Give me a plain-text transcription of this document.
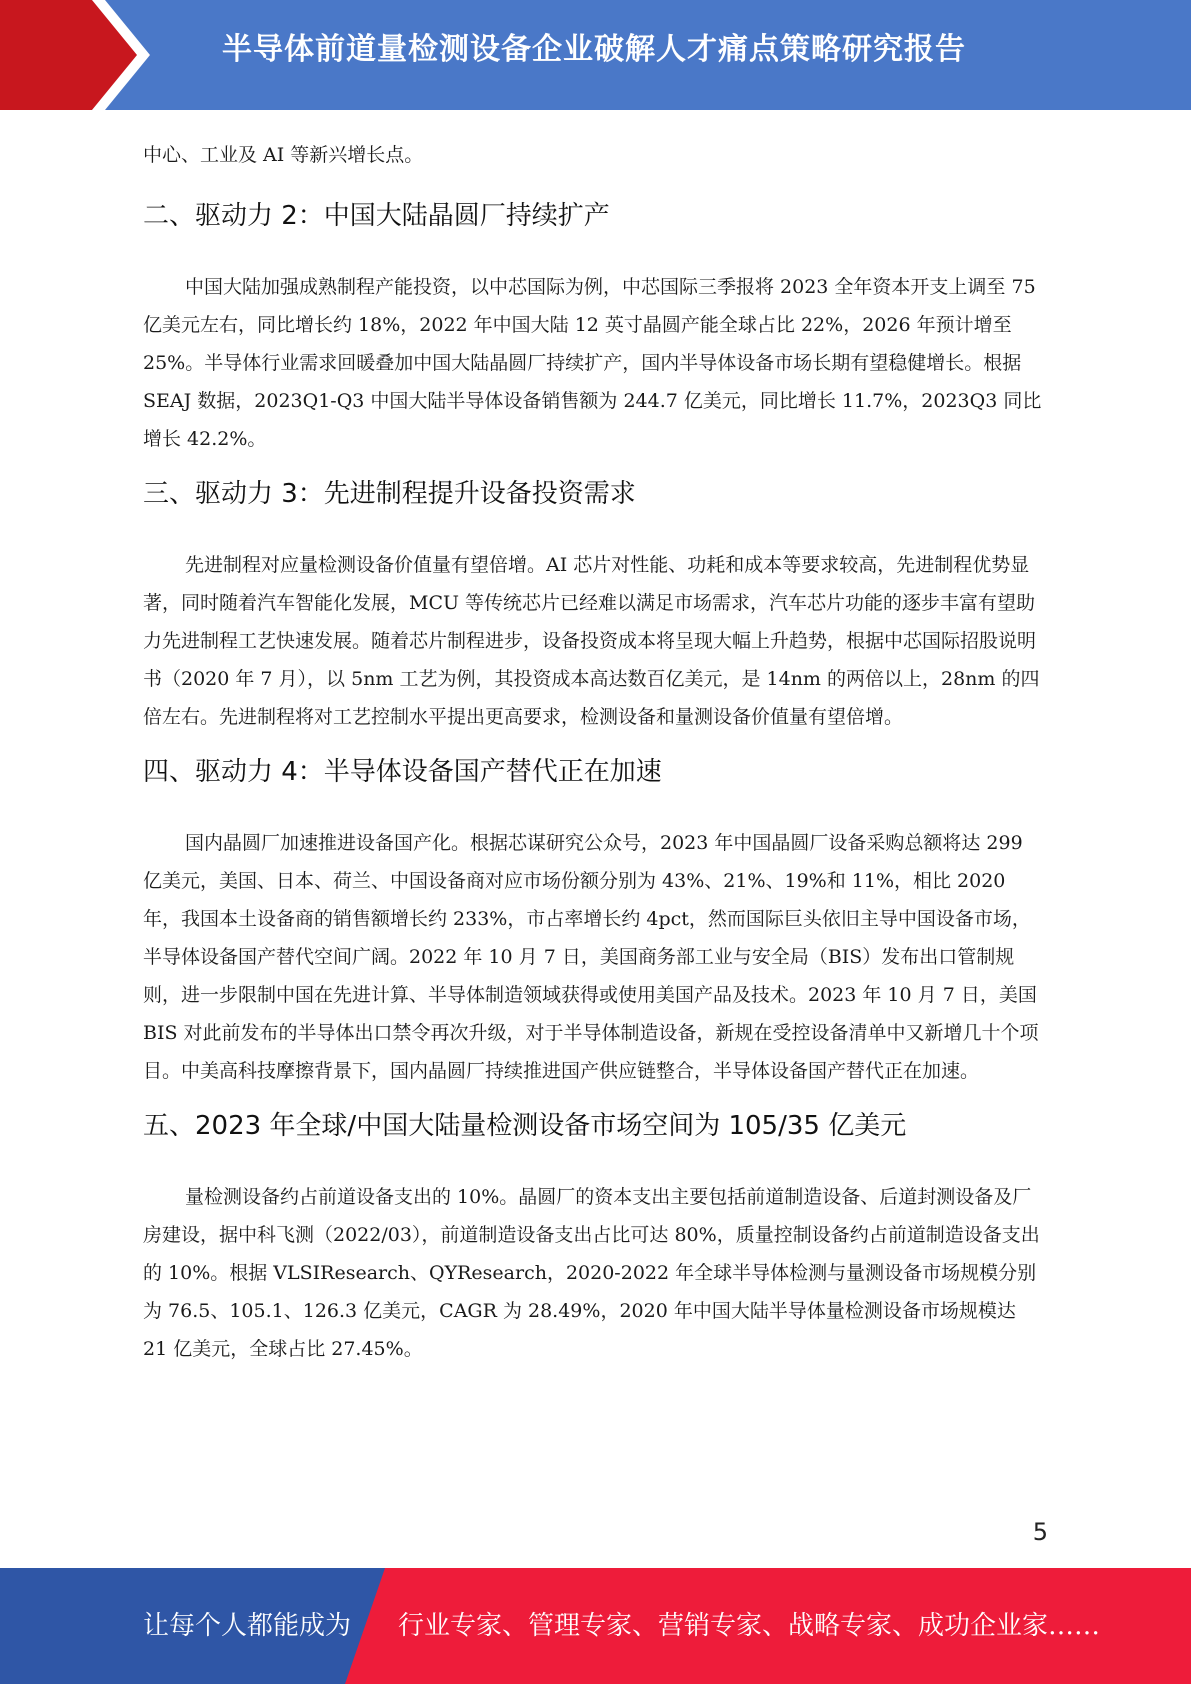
半导体前道量检测设备企业破解人才痛点策略研究报告

中心、工业及 AI 等新兴增长点。

二、驱动力 2：中国大陆晶圆厂持续扩产

中国大陆加强成熟制程产能投资，以中芯国际为例，中芯国际三季报将 2023 全年资本开支上调至 75 亿美元左右，同比增长约 18%，2022 年中国大陆 12 英寸晶圆产能全球占比 22%，2026 年预计增至 25%。半导体行业需求回暖叠加中国大陆晶圆厂持续扩产，国内半导体设备市场长期有望稳健增长。根据 SEAJ 数据，2023Q1-Q3 中国大陆半导体设备销售额为 244.7 亿美元，同比增长 11.7%，2023Q3 同比增长 42.2%。

三、驱动力 3：先进制程提升设备投资需求

先进制程对应量检测设备价值量有望倍增。AI 芯片对性能、功耗和成本等要求较高，先进制程优势显著，同时随着汽车智能化发展，MCU 等传统芯片已经难以满足市场需求，汽车芯片功能的逐步丰富有望助力先进制程工艺快速发展。随着芯片制程进步，设备投资成本将呈现大幅上升趋势，根据中芯国际招股说明书（2020 年 7 月），以 5nm 工艺为例，其投资成本高达数百亿美元，是 14nm 的两倍以上，28nm 的四倍左右。先进制程将对工艺控制水平提出更高要求，检测设备和量测设备价值量有望倍增。

四、驱动力 4：半导体设备国产替代正在加速

国内晶圆厂加速推进设备国产化。根据芯谋研究公众号，2023 年中国晶圆厂设备采购总额将达 299 亿美元，美国、日本、荷兰、中国设备商对应市场份额分别为 43%、21%、19%和 11%，相比 2020 年，我国本土设备商的销售额增长约 233%，市占率增长约 4pct，然而国际巨头依旧主导中国设备市场，半导体设备国产替代空间广阔。2022 年 10 月 7 日，美国商务部工业与安全局（BIS）发布出口管制规则，进一步限制中国在先进计算、半导体制造领域获得或使用美国产品及技术。2023 年 10 月 7 日，美国 BIS 对此前发布的半导体出口禁令再次升级，对于半导体制造设备，新规在受控设备清单中又新增几十个项目。中美高科技摩擦背景下，国内晶圆厂持续推进国产供应链整合，半导体设备国产替代正在加速。

五、2023 年全球/中国大陆量检测设备市场空间为 105/35 亿美元

量检测设备约占前道设备支出的 10%。晶圆厂的资本支出主要包括前道制造设备、后道封测设备及厂房建设，据中科飞测（2022/03），前道制造设备支出占比可达 80%，质量控制设备约占前道制造设备支出的 10%。根据 VLSIResearch、QYResearch，2020-2022 年全球半导体检测与量测设备市场规模分别为 76.5、105.1、126.3 亿美元，CAGR 为 28.49%，2020 年中国大陆半导体量检测设备市场规模达 21 亿美元，全球占比 27.45%。

5
让每个人都能成为 行业专家、管理专家、营销专家、战略专家、成功企业家……
